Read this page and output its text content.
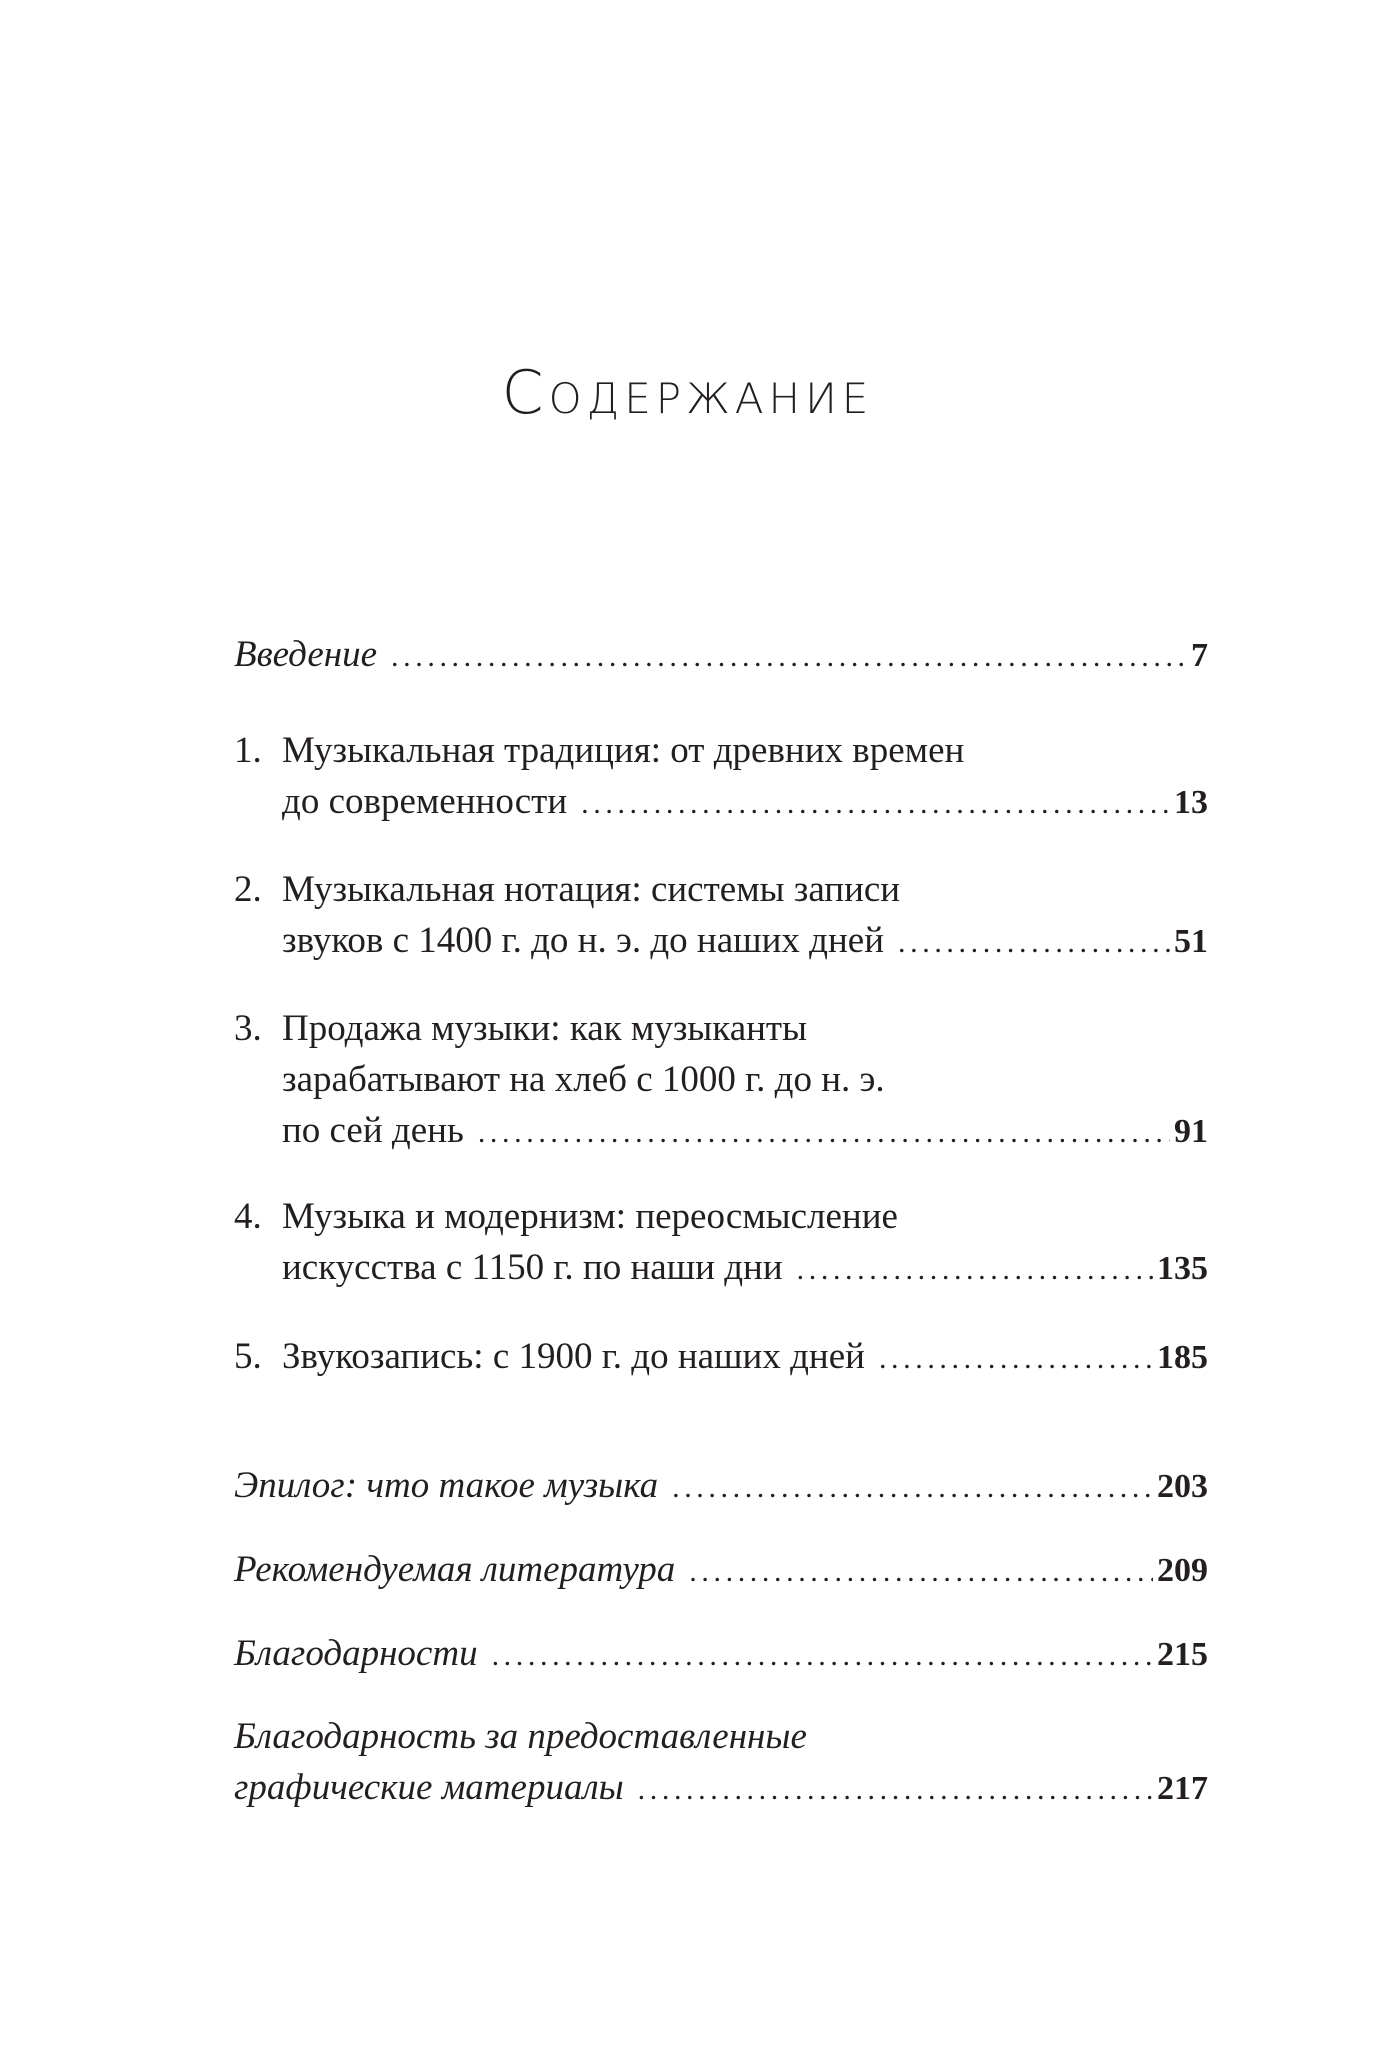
Содержание
Введение .....	7
1. Музыкальная традиция: от древних времен
до современности .....	13
2. Музыкальная нотация: системы записи
звуков с 1400 г. до н. э. до наших дней .....	51
3. Продажа музыки: как музыканты
зарабатывают на хлеб с 1000 г. до н. э.
по сей день .....	91
4. Музыка и модернизм: переосмысление
искусства с 1150 г. по наши дни .....	135
5. Звукозапись: с 1900 г. до наших дней .....	185
Эпилог: что такое музыка .....	203
Рекомендуемая литература .....	209
Благодарности .....	215
Благодарность за предоставленные
графические материалы .....	217
